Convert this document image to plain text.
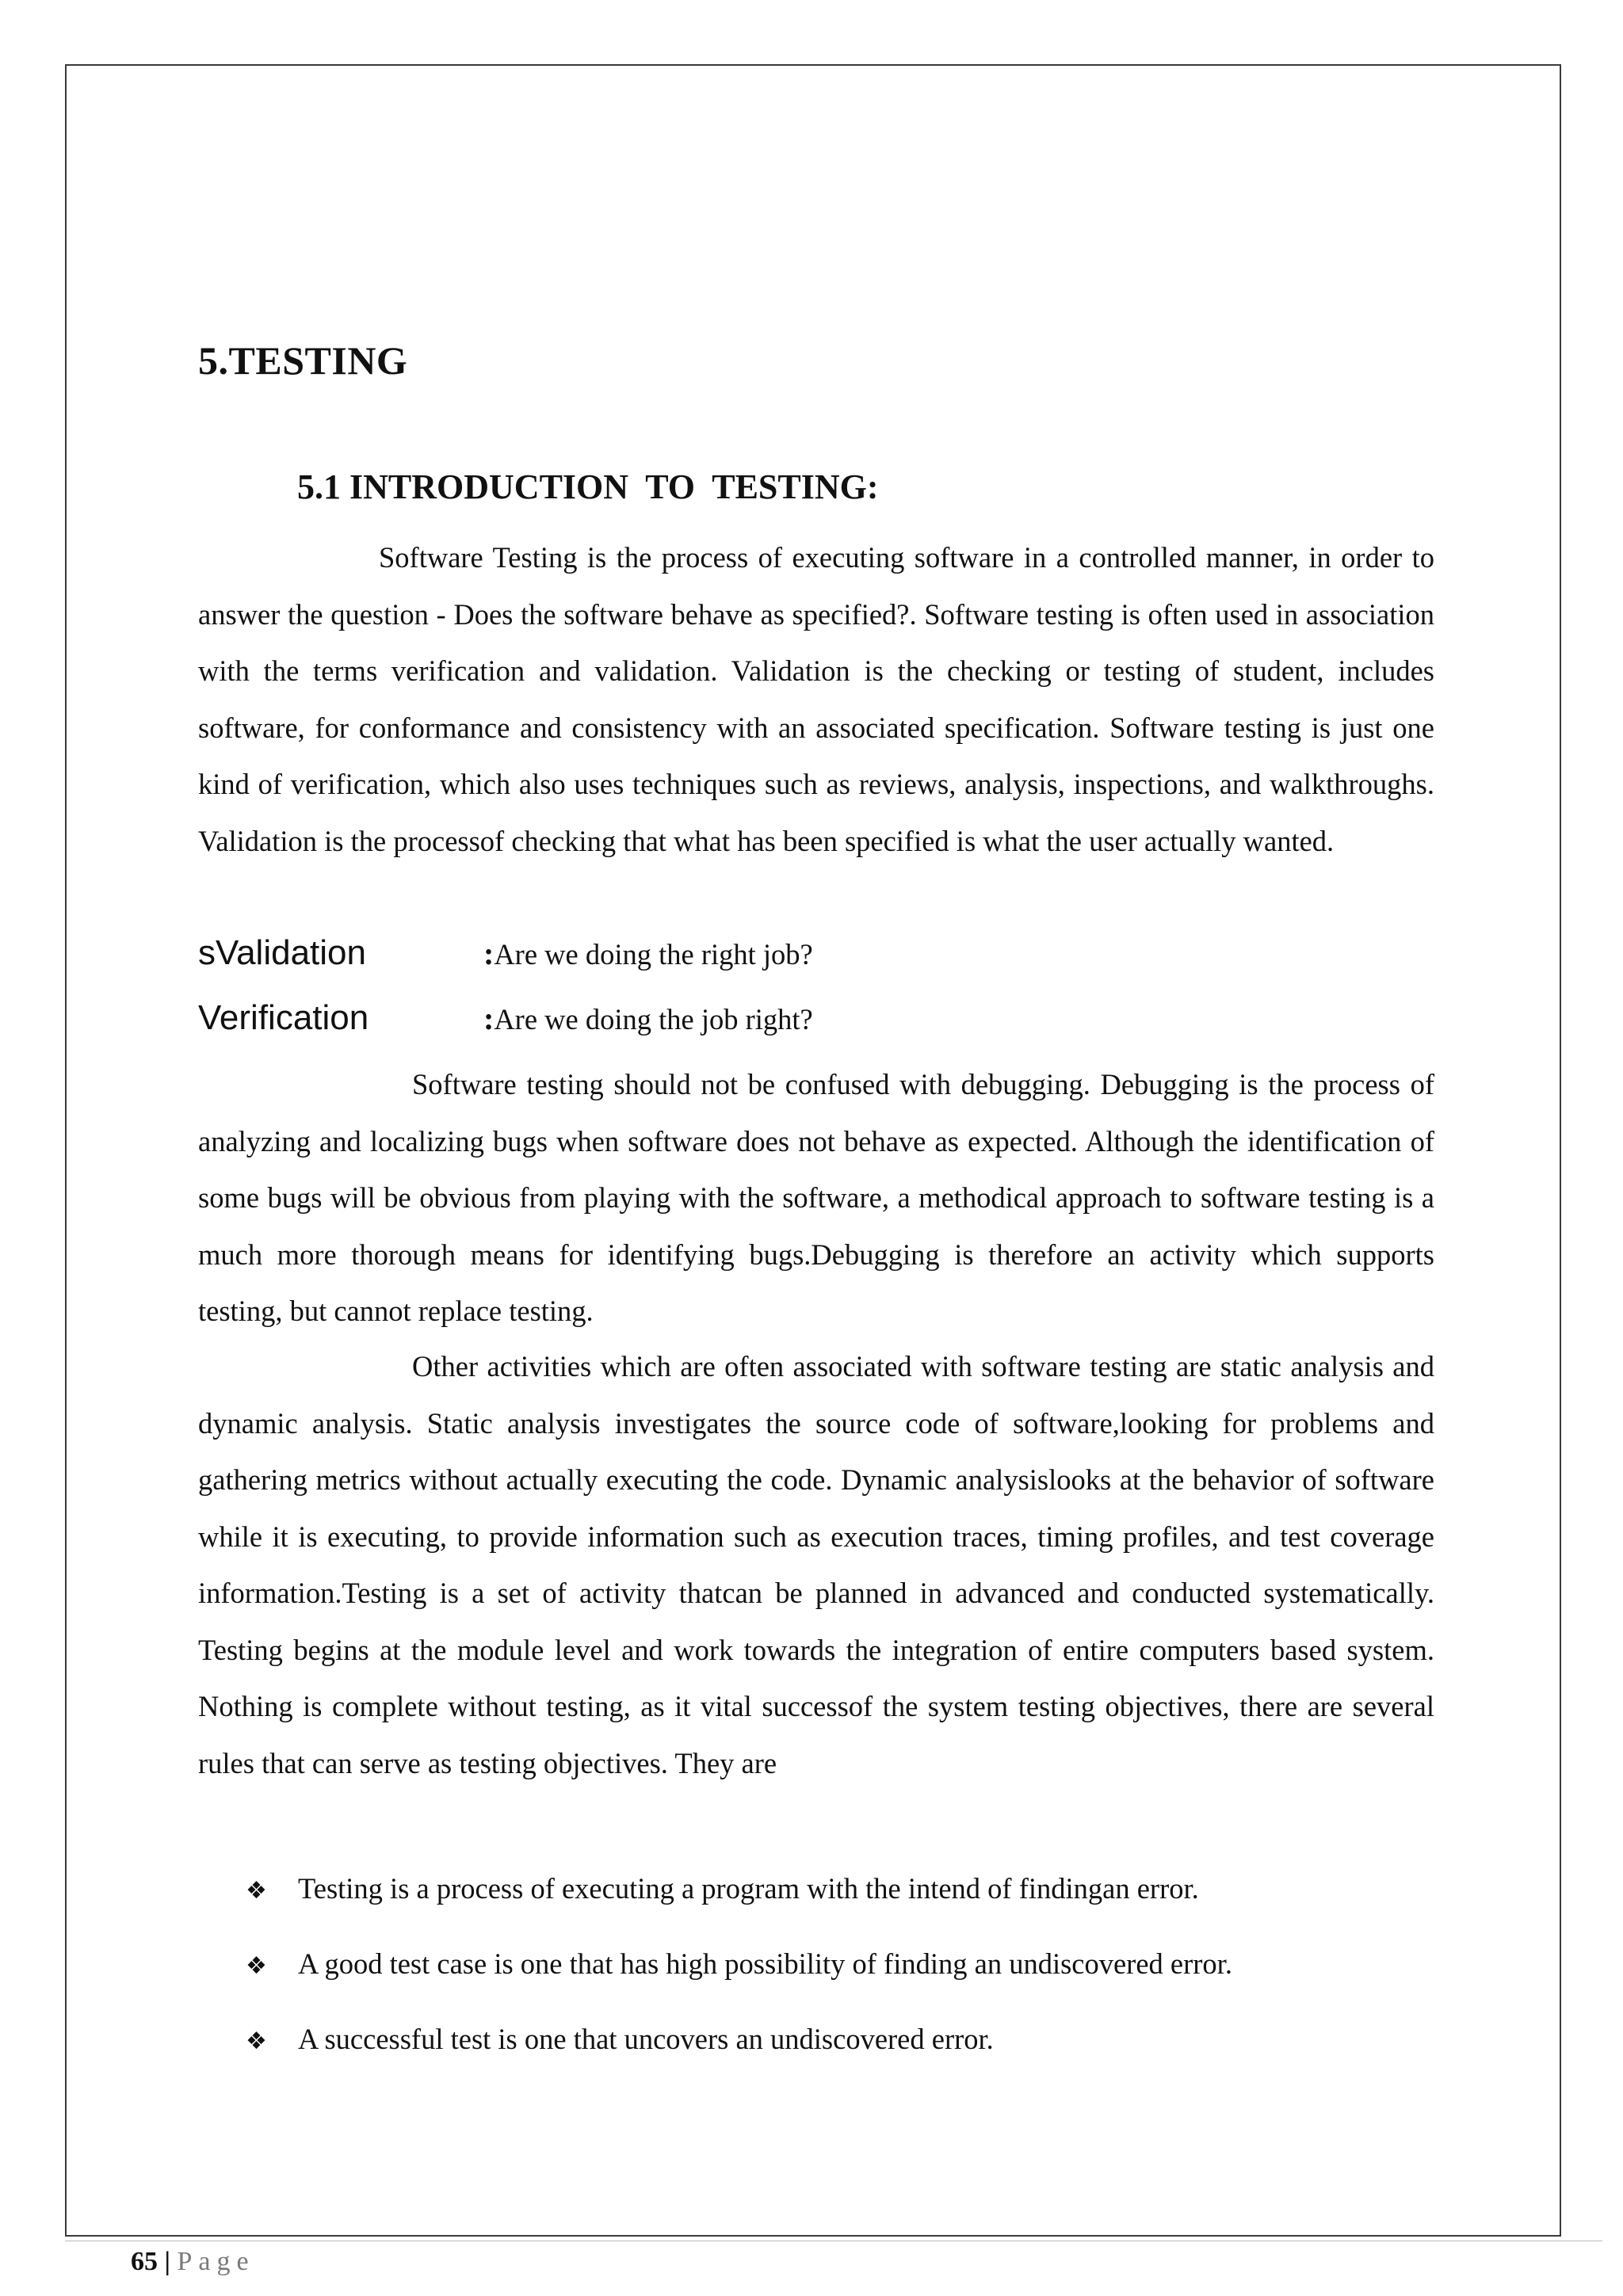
5.TESTING
5.1 INTRODUCTION  TO  TESTING:

Software Testing is the process of executing software in a controlled manner, in order to answer the question - Does the software behave as specified?. Software testing is often used in association with the terms verification and validation. Validation is the checking or testing of student, includes software, for conformance and consistency with an associated specification. Software testing is just one kind of verification, which also uses techniques such as reviews, analysis, inspections, and walkthroughs. Validation is the processof checking that what has been specified is what the user actually wanted.

sValidation	: Are we doing the right job?
Verification	: Are we doing the job right?

Software testing should not be confused with debugging. Debugging is the process of analyzing and localizing bugs when software does not behave as expected. Although the identification of some bugs will be obvious from playing with the software, a methodical approach to software testing is a much more thorough means for identifying bugs.Debugging is therefore an activity which supports testing, but cannot replace testing.

Other activities which are often associated with software testing are static analysis and dynamic analysis. Static analysis investigates the source code of software,looking for problems and gathering metrics without actually executing the code. Dynamic analysislooks at the behavior of software while it is executing, to provide information such as execution traces, timing profiles, and test coverage information.Testing is a set of activity thatcan be planned in advanced and conducted systematically. Testing begins at the module level and work towards the integration of entire computers based system. Nothing is complete without testing, as it vital successof the system testing objectives, there are several rules that can serve as testing objectives. They are

❖	Testing is a process of executing a program with the intend of findingan error.
❖	A good test case is one that has high possibility of finding an undiscovered error.
❖	A successful test is one that uncovers an undiscovered error.
65 | Page
